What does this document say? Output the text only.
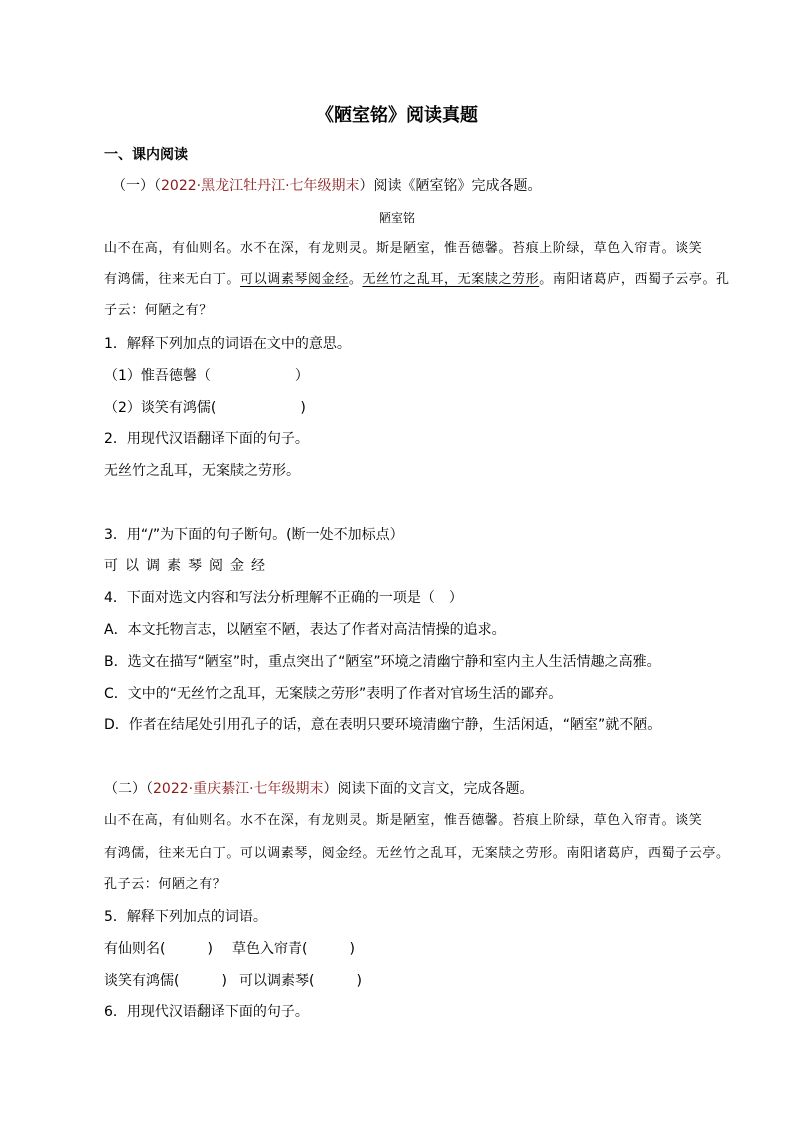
《陋室铭》阅读真题
一、课内阅读
（一）（2022·黑龙江牡丹江·七年级期末）阅读《陋室铭》完成各题。
陋室铭
山不在高，有仙则名。水不在深，有龙则灵。斯是陋室，惟吾德馨。苔痕上阶绿，草色入帘青。谈笑
有鸿儒，往来无白丁。可以调素琴阅金经。无丝竹之乱耳，无案牍之劳形。南阳诸葛庐，西蜀子云亭。孔
子云：何陋之有？
1．解释下列加点的词语在文中的意思。
（1）惟吾德馨（　　　　　　）
（2）谈笑有鸿儒(　　　　　　)
2．用现代汉语翻译下面的句子。
无丝竹之乱耳，无案牍之劳形。
3．用“/”为下面的句子断句。(断一处不加标点）
可以调素琴阅金经
4．下面对选文内容和写法分析理解不正确的一项是（　）
A．本文托物言志，以陋室不陋，表达了作者对高洁情操的追求。
B．选文在描写“陋室”时，重点突出了“陋室”环境之清幽宁静和室内主人生活情趣之高雅。
C．文中的“无丝竹之乱耳，无案牍之劳形”表明了作者对官场生活的鄙弃。
D．作者在结尾处引用孔子的话，意在表明只要环境清幽宁静，生活闲适，“陋室”就不陋。
（二）（2022·重庆綦江·七年级期末）阅读下面的文言文，完成各题。
山不在高，有仙则名。水不在深，有龙则灵。斯是陋室，惟吾德馨。苔痕上阶绿，草色入帘青。谈笑
有鸿儒，往来无白丁。可以调素琴，阅金经。无丝竹之乱耳，无案牍之劳形。南阳诸葛庐，西蜀子云亭。
孔子云：何陋之有？
5．解释下列加点的词语。
有仙则名(　　　) 草色入帘青(　　　)
谈笑有鸿儒(　　　) 可以调素琴(　　　)
6．用现代汉语翻译下面的句子。
